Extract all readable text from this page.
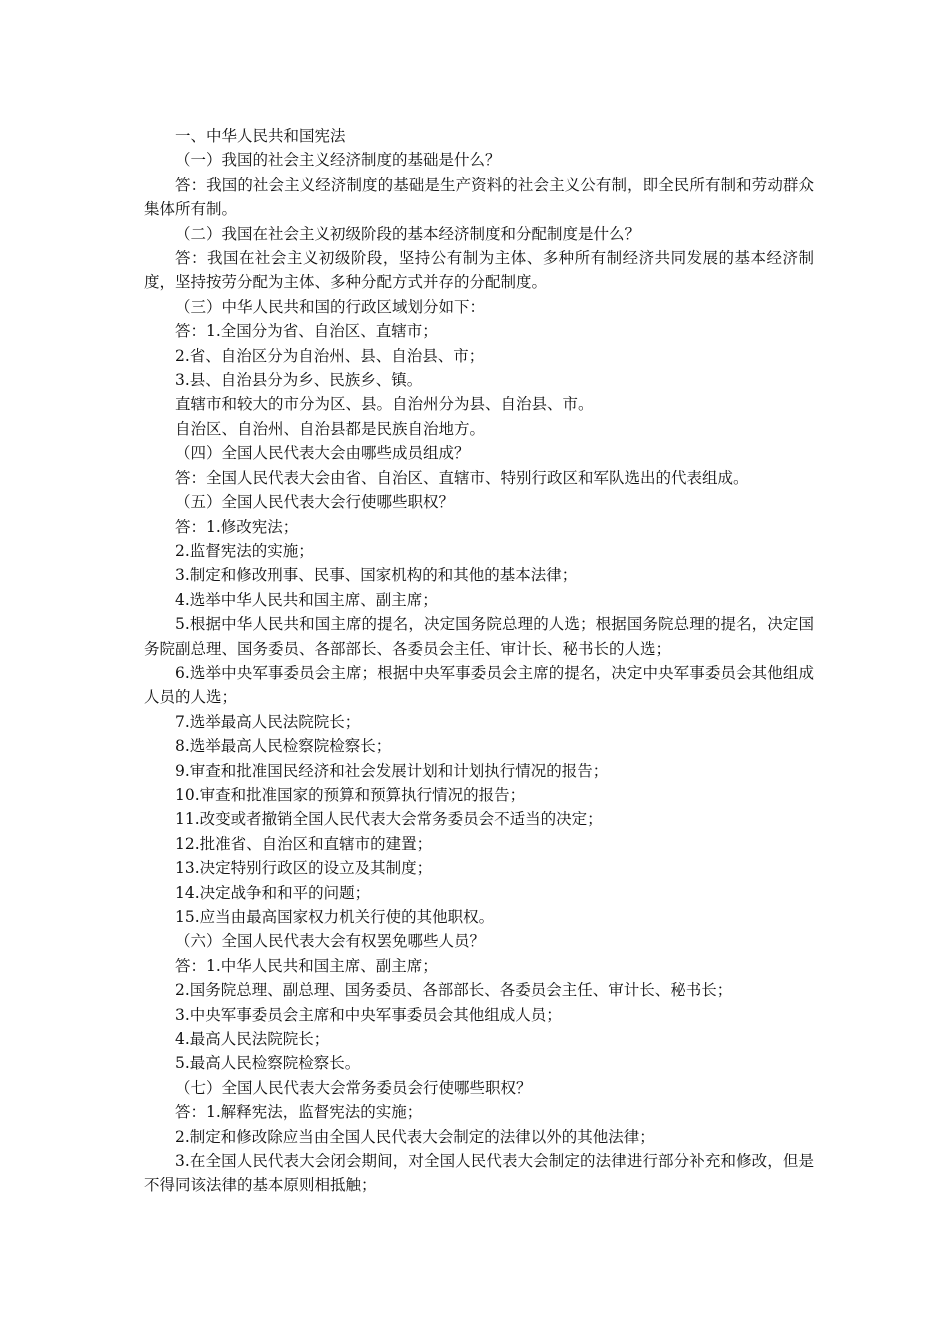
一、中华人民共和国宪法

（一）我国的社会主义经济制度的基础是什么？

答：我国的社会主义经济制度的基础是生产资料的社会主义公有制，即全民所有制和劳动群众集体所有制。

（二）我国在社会主义初级阶段的基本经济制度和分配制度是什么？

答：我国在社会主义初级阶段，坚持公有制为主体、多种所有制经济共同发展的基本经济制度，坚持按劳分配为主体、多种分配方式并存的分配制度。

（三）中华人民共和国的行政区域划分如下：

答：1.全国分为省、自治区、直辖市；

2.省、自治区分为自治州、县、自治县、市；

3.县、自治县分为乡、民族乡、镇。

直辖市和较大的市分为区、县。自治州分为县、自治县、市。

自治区、自治州、自治县都是民族自治地方。

（四）全国人民代表大会由哪些成员组成？

答：全国人民代表大会由省、自治区、直辖市、特别行政区和军队选出的代表组成。

（五）全国人民代表大会行使哪些职权？

答：1.修改宪法；

2.监督宪法的实施；

3.制定和修改刑事、民事、国家机构的和其他的基本法律；

4.选举中华人民共和国主席、副主席；

5.根据中华人民共和国主席的提名，决定国务院总理的人选；根据国务院总理的提名，决定国务院副总理、国务委员、各部部长、各委员会主任、审计长、秘书长的人选；

6.选举中央军事委员会主席；根据中央军事委员会主席的提名，决定中央军事委员会其他组成人员的人选；

7.选举最高人民法院院长；

8.选举最高人民检察院检察长；

9.审查和批准国民经济和社会发展计划和计划执行情况的报告；

10.审查和批准国家的预算和预算执行情况的报告；

11.改变或者撤销全国人民代表大会常务委员会不适当的决定；

12.批准省、自治区和直辖市的建置；

13.决定特别行政区的设立及其制度；

14.决定战争和和平的问题；

15.应当由最高国家权力机关行使的其他职权。

（六）全国人民代表大会有权罢免哪些人员？

答：1.中华人民共和国主席、副主席；

2.国务院总理、副总理、国务委员、各部部长、各委员会主任、审计长、秘书长；

3.中央军事委员会主席和中央军事委员会其他组成人员；

4.最高人民法院院长；

5.最高人民检察院检察长。

（七）全国人民代表大会常务委员会行使哪些职权？

答：1.解释宪法，监督宪法的实施；

2.制定和修改除应当由全国人民代表大会制定的法律以外的其他法律；

3.在全国人民代表大会闭会期间，对全国人民代表大会制定的法律进行部分补充和修改，但是不得同该法律的基本原则相抵触；
